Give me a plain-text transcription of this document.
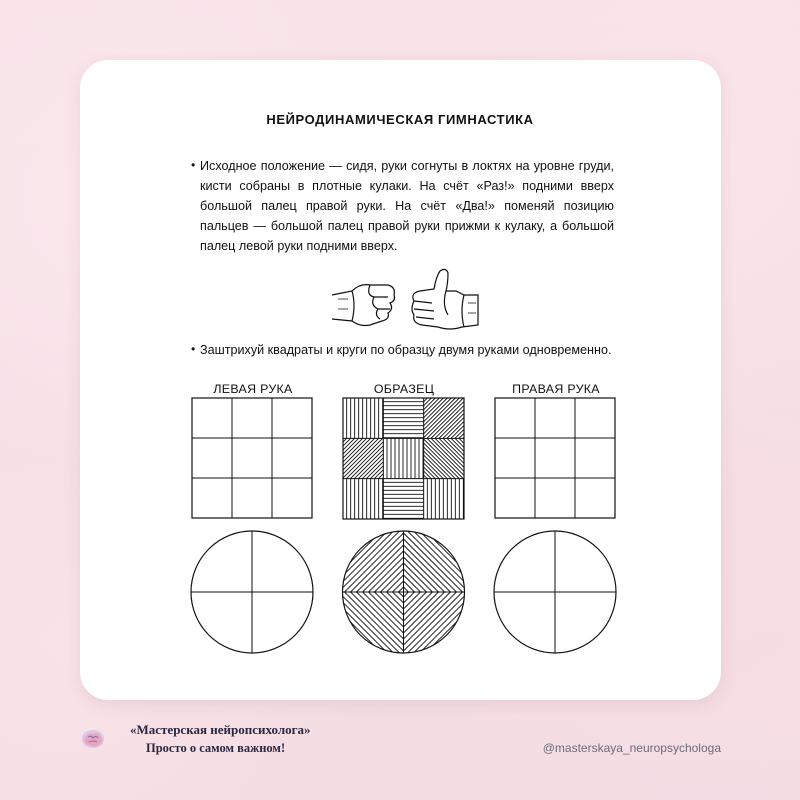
НЕЙРОДИНАМИЧЕСКАЯ ГИМНАСТИКА
• Исходное положение — сидя, руки согнуты в локтях на уровне груди, кисти собраны в плотные кулаки. На счёт «Раз!» подними вверх большой палец правой руки. На счёт «Два!» поменяй позицию пальцев — большой палец правой руки прижми к кулаку, а большой палец левой руки подними вверх.
• Заштрихуй квадраты и круги по образцу двумя руками одновременно.
ЛЕВАЯ РУКА	ОБРАЗЕЦ	ПРАВАЯ РУКА
«Мастерская нейропсихолога»
Просто о самом важном!	@masterskaya_neuropsychologa
